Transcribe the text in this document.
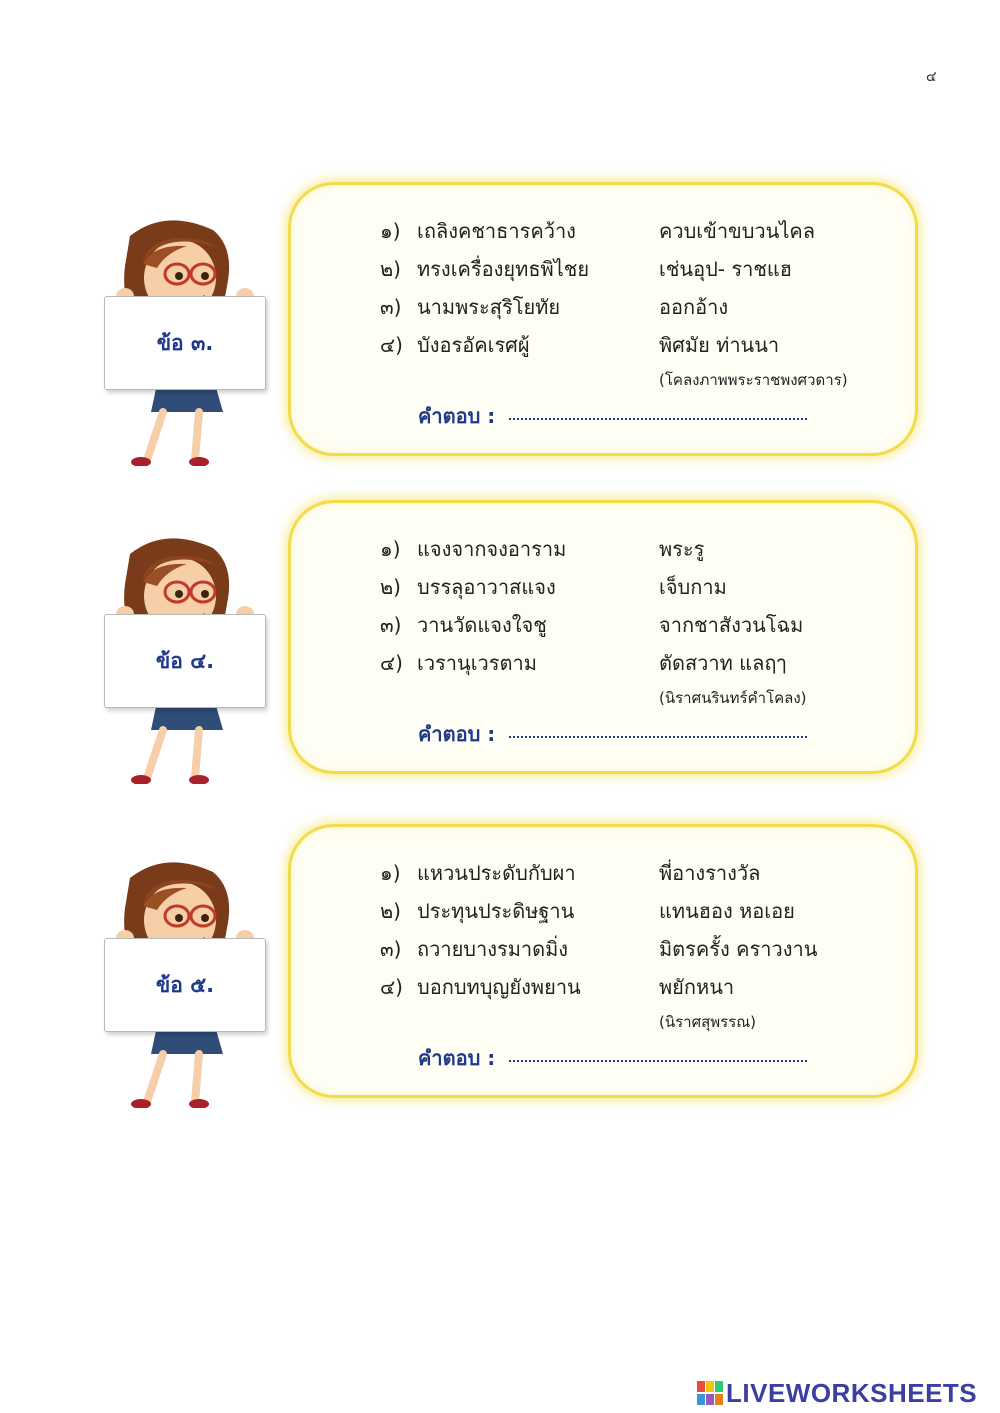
๔
ข้อ ๓.
๑) เถลิงคชาธารคว้าง	ควบเข้าขบวนไคล
๒) ทรงเครื่องยุทธพิไชย	เช่นอุป- ราชแฮ
๓) นามพระสุริโยทัย	ออกอ้าง
๔) บังอรอัคเรศผู้	พิศมัย ท่านนา
(โคลงภาพพระราชพงศวดาร)
คำตอบ :
ข้อ ๔.
๑) แจงจากจงอาราม	พระรู
๒) บรรลุอาวาสแจง	เจ็บกาม
๓) วานวัดแจงใจชู	จากชาสังวนโฉม
๔) เวรานุเวรตาม	ตัดสวาท แลฤๅ
(นิราศนรินทร์คำโคลง)
คำตอบ :
ข้อ ๕.
๑) แหวนประดับกับผา	พี่อางรางวัล
๒) ประทุนประดิษฐาน	แทนฮอง หอเอย
๓) ถวายบางรมาดมิ่ง	มิตรครั้ง คราวงาน
๔) บอกบทบุญยังพยาน	พยักหนา
(นิราศสุพรรณ)
คำตอบ :
LIVEWORKSHEETS
